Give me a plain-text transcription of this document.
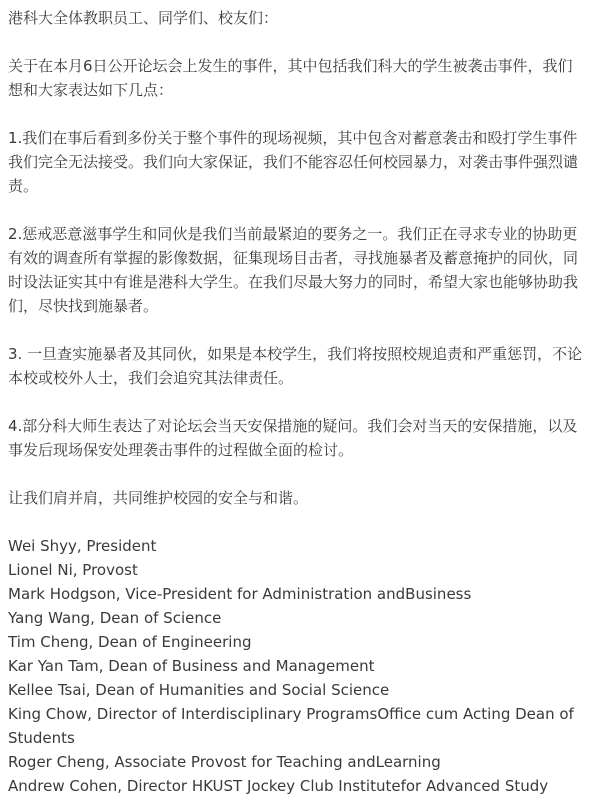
港科大全体教职员工、同学们、校友们：

关于在本月6日公开论坛会上发生的事件，其中包括我们科大的学生被袭击事件，我们

想和大家表达如下几点：

1.我们在事后看到多份关于整个事件的现场视频，其中包含对蓄意袭击和殴打学生事件

我们完全无法接受。我们向大家保证，我们不能容忍任何校园暴力，对袭击事件强烈谴

责。

2.惩戒恶意滋事学生和同伙是我们当前最紧迫的要务之一。我们正在寻求专业的协助更

有效的调查所有掌握的影像数据，征集现场目击者，寻找施暴者及蓄意掩护的同伙，同

时设法证实其中有谁是港科大学生。在我们尽最大努力的同时，希望大家也能够协助我

们，尽快找到施暴者。

3. 一旦查实施暴者及其同伙，如果是本校学生，我们将按照校规追责和严重惩罚，不论

本校或校外人士，我们会追究其法律责任。

4.部分科大师生表达了对论坛会当天安保措施的疑问。我们会对当天的安保措施，以及

事发后现场保安处理袭击事件的过程做全面的检讨。

让我们肩并肩，共同维护校园的安全与和谐。

Wei Shyy, President

Lionel Ni, Provost

Mark Hodgson, Vice-President for Administration andBusiness

Yang Wang, Dean of Science

Tim Cheng, Dean of Engineering

Kar Yan Tam, Dean of Business and Management

Kellee Tsai, Dean of Humanities and Social Science

King Chow, Director of Interdisciplinary ProgramsOffice cum Acting Dean of

Students

Roger Cheng, Associate Provost for Teaching andLearning

Andrew Cohen, Director HKUST Jockey Club Institutefor Advanced Study
